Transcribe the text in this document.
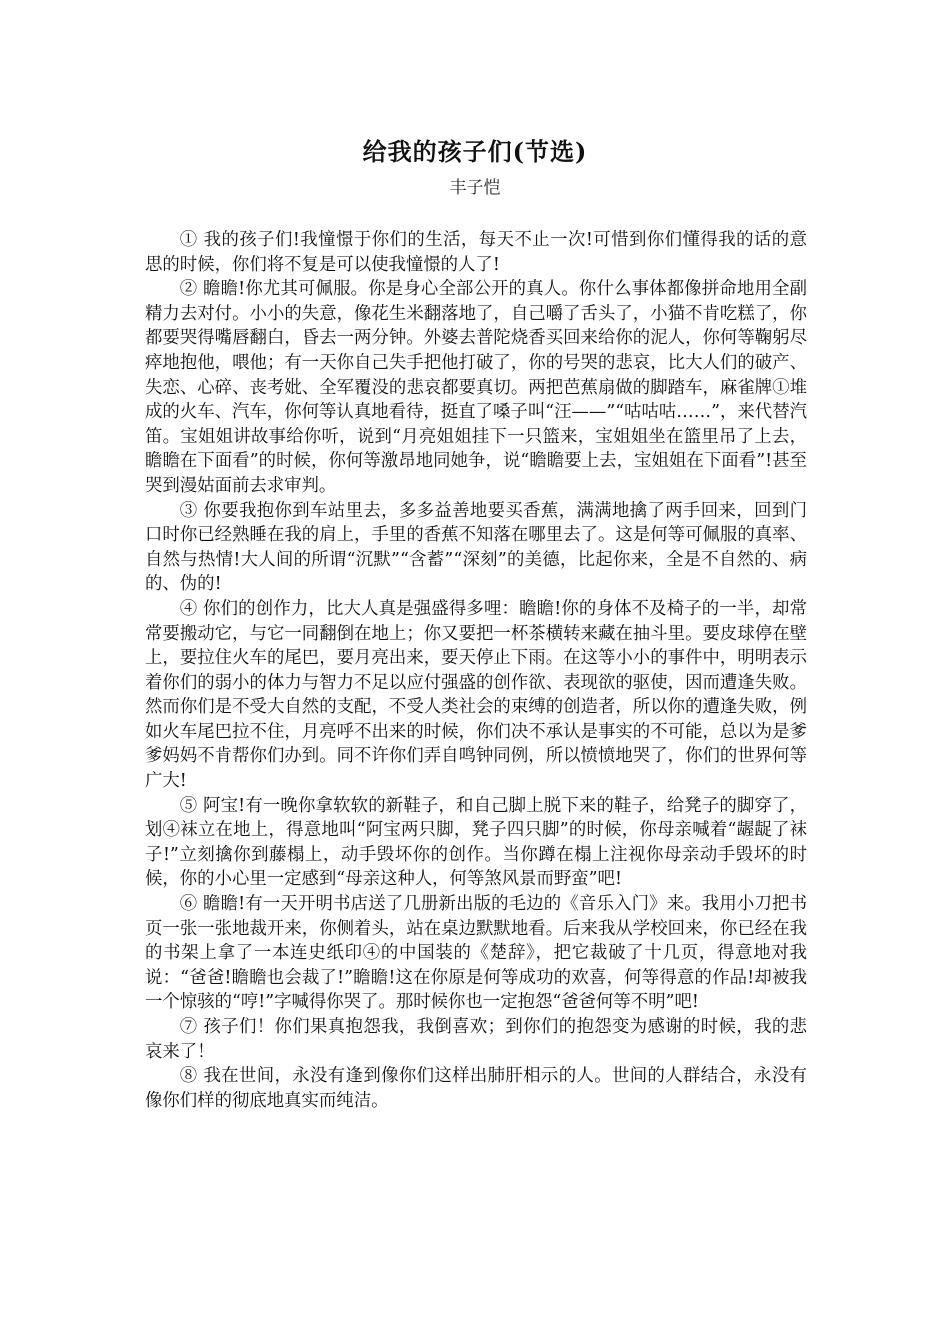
给我的孩子们(节选)
丰子恺

① 我的孩子们!我憧憬于你们的生活，每天不止一次!可惜到你们懂得我的话的意思的时候，你们将不复是可以使我憧憬的人了!

② 瞻瞻!你尤其可佩服。你是身心全部公开的真人。你什么事体都像拼命地用全副精力去对付。小小的失意，像花生米翻落地了，自己嚼了舌头了，小猫不肯吃糕了，你都要哭得嘴唇翻白，昏去一两分钟。外婆去普陀烧香买回来给你的泥人，你何等鞠躬尽瘁地抱他，喂他；有一天你自己失手把他打破了，你的号哭的悲哀，比大人们的破产、失恋、心碎、丧考妣、全军覆没的悲哀都要真切。两把芭蕉扇做的脚踏车，麻雀牌①堆成的火车、汽车，你何等认真地看待，挺直了嗓子叫“汪——”“咕咕咕……”，来代替汽笛。宝姐姐讲故事给你听，说到“月亮姐姐挂下一只篮来，宝姐姐坐在篮里吊了上去，瞻瞻在下面看”的时候，你何等激昂地同她争，说“瞻瞻要上去，宝姐姐在下面看”!甚至哭到漫姑面前去求审判。

③ 你要我抱你到车站里去，多多益善地要买香蕉，满满地擒了两手回来，回到门口时你已经熟睡在我的肩上，手里的香蕉不知落在哪里去了。这是何等可佩服的真率、自然与热情!大人间的所谓“沉默”“含蓄”“深刻”的美德，比起你来，全是不自然的、病的、伪的!

④ 你们的创作力，比大人真是强盛得多哩：瞻瞻!你的身体不及椅子的一半，却常常要搬动它，与它一同翻倒在地上；你又要把一杯茶横转来藏在抽斗里。要皮球停在壁上，要拉住火车的尾巴，要月亮出来，要天停止下雨。在这等小小的事件中，明明表示着你们的弱小的体力与智力不足以应付强盛的创作欲、表现欲的驱使，因而遭逢失败。然而你们是不受大自然的支配，不受人类社会的束缚的创造者，所以你的遭逢失败，例如火车尾巴拉不住，月亮呼不出来的时候，你们决不承认是事实的不可能，总以为是爹爹妈妈不肯帮你们办到。同不许你们弄自鸣钟同例，所以愤愤地哭了，你们的世界何等广大!

⑤ 阿宝!有一晚你拿软软的新鞋子，和自己脚上脱下来的鞋子，给凳子的脚穿了，划④袜立在地上，得意地叫“阿宝两只脚，凳子四只脚”的时候，你母亲喊着“龌龊了袜子!”立刻擒你到藤榻上，动手毁坏你的创作。当你蹲在榻上注视你母亲动手毁坏的时候，你的小心里一定感到“母亲这种人，何等煞风景而野蛮”吧!

⑥ 瞻瞻!有一天开明书店送了几册新出版的毛边的《音乐入门》来。我用小刀把书页一张一张地裁开来，你侧着头，站在桌边默默地看。后来我从学校回来，你已经在我的书架上拿了一本连史纸印④的中国装的《楚辞》，把它裁破了十几页，得意地对我说：“爸爸!瞻瞻也会裁了!”瞻瞻!这在你原是何等成功的欢喜，何等得意的作品!却被我一个惊骇的“哼!”字喊得你哭了。那时候你也一定抱怨“爸爸何等不明”吧!

⑦ 孩子们！你们果真抱怨我，我倒喜欢；到你们的抱怨变为感谢的时候，我的悲哀来了！

⑧ 我在世间，永没有逢到像你们这样出肺肝相示的人。世间的人群结合，永没有像你们样的彻底地真实而纯洁。
